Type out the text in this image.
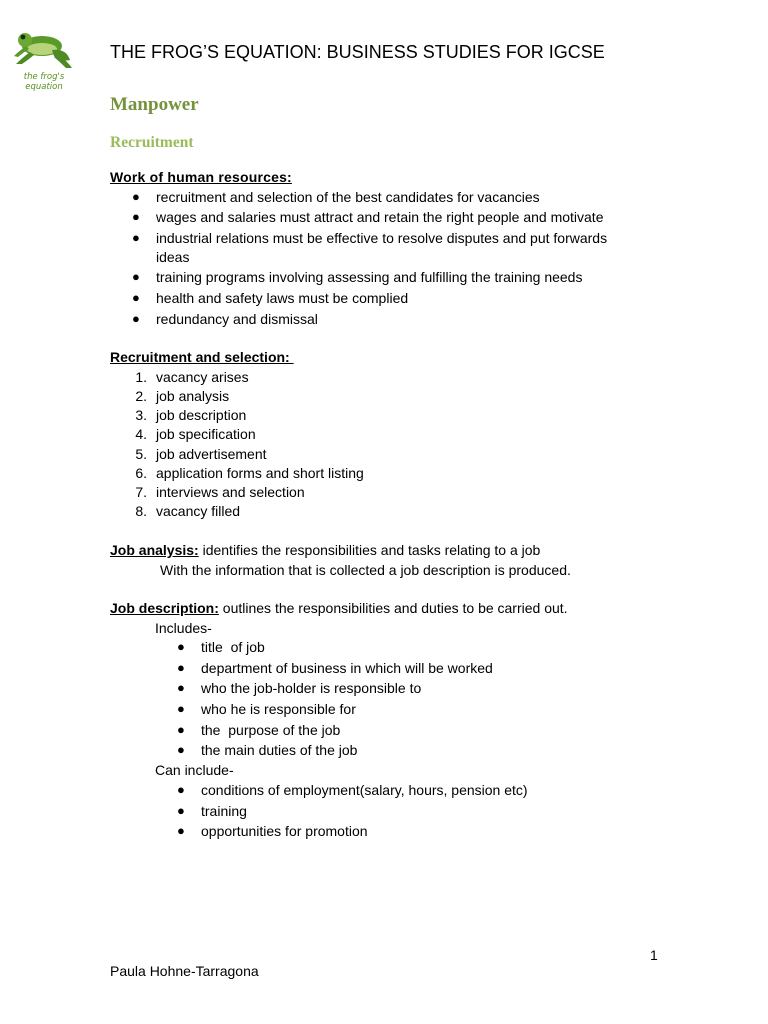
the frog's equation
THE FROG’S EQUATION: BUSINESS STUDIES FOR IGCSE
Manpower
Recruitment
Work of human resources:
● recruitment and selection of the best candidates for vacancies
● wages and salaries must attract and retain the right people and motivate
● industrial relations must be effective to resolve disputes and put forwards
ideas
● training programs involving assessing and fulfilling the training needs
● health and safety laws must be complied
● redundancy and dismissal
Recruitment and selection:
1. vacancy arises
2. job analysis
3. job description
4. job specification
5. job advertisement
6. application forms and short listing
7. interviews and selection
8. vacancy filled
Job analysis: identifies the responsibilities and tasks relating to a job
With the information that is collected a job description is produced.
Job description: outlines the responsibilities and duties to be carried out.
Includes-
● title  of job
● department of business in which will be worked
● who the job-holder is responsible to
● who he is responsible for
● the  purpose of the job
● the main duties of the job
Can include-
● conditions of employment(salary, hours, pension etc)
● training
● opportunities for promotion
1
Paula Hohne-Tarragona
